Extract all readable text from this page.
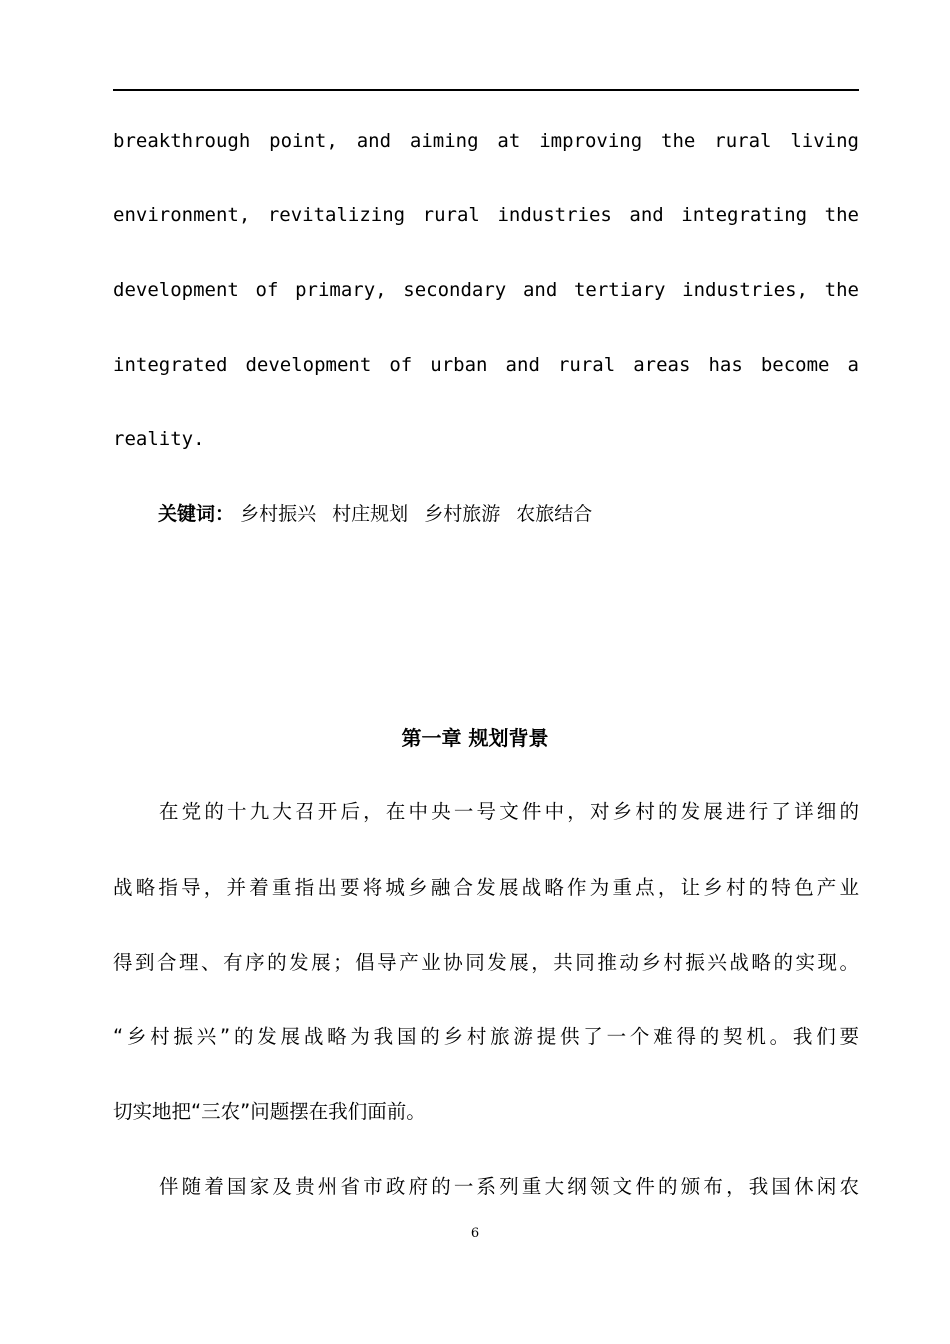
breakthrough point, and aiming at improving the rural living
environment, revitalizing rural industries and integrating the
development of primary, secondary and tertiary industries, the
integrated development of urban and rural areas has become a
reality.
关键词： 乡村振兴 村庄规划 乡村旅游 农旅结合
第一章 规划背景
在党的十九大召开后，在中央一号文件中，对乡村的发展进行了详细的
战略指导，并着重指出要将城乡融合发展战略作为重点，让乡村的特色产业
得到合理、有序的发展；倡导产业协同发展，共同推动乡村振兴战略的实现。
“乡村振兴”的发展战略为我国的乡村旅游提供了一个难得的契机。我们要
切实地把“三农”问题摆在我们面前。
伴随着国家及贵州省市政府的一系列重大纲领文件的颁布，我国休闲农
6
